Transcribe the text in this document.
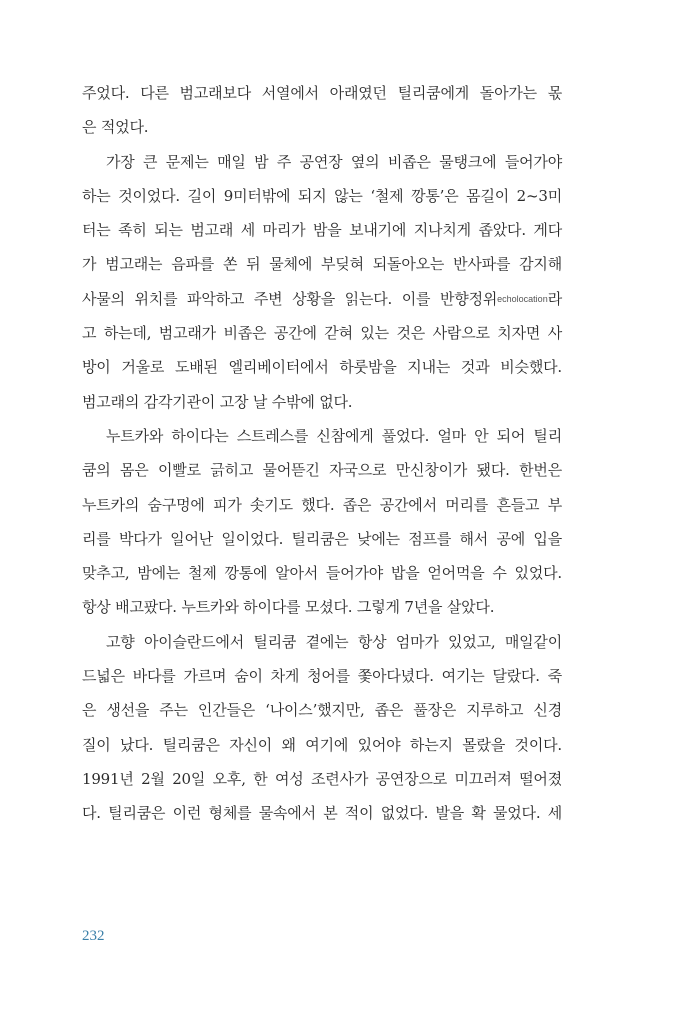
주었다. 다른 범고래보다 서열에서 아래였던 틸리쿰에게 돌아가는 몫
은 적었다.
가장 큰 문제는 매일 밤 주 공연장 옆의 비좁은 물탱크에 들어가야
하는 것이었다. 길이 9미터밖에 되지 않는 ‘철제 깡통’은 몸길이 2~3미
터는 족히 되는 범고래 세 마리가 밤을 보내기에 지나치게 좁았다. 게다
가 범고래는 음파를 쏜 뒤 물체에 부딪혀 되돌아오는 반사파를 감지해
사물의 위치를 파악하고 주변 상황을 읽는다. 이를 반향정위echolocation라
고 하는데, 범고래가 비좁은 공간에 갇혀 있는 것은 사람으로 치자면 사
방이 거울로 도배된 엘리베이터에서 하룻밤을 지내는 것과 비슷했다.
범고래의 감각기관이 고장 날 수밖에 없다.
누트카와 하이다는 스트레스를 신참에게 풀었다. 얼마 안 되어 틸리
쿰의 몸은 이빨로 긁히고 물어뜯긴 자국으로 만신창이가 됐다. 한번은
누트카의 숨구멍에 피가 솟기도 했다. 좁은 공간에서 머리를 흔들고 부
리를 박다가 일어난 일이었다. 틸리쿰은 낮에는 점프를 해서 공에 입을
맞추고, 밤에는 철제 깡통에 알아서 들어가야 밥을 얻어먹을 수 있었다.
항상 배고팠다. 누트카와 하이다를 모셨다. 그렇게 7년을 살았다.
고향 아이슬란드에서 틸리쿰 곁에는 항상 엄마가 있었고, 매일같이
드넓은 바다를 가르며 숨이 차게 청어를 쫓아다녔다. 여기는 달랐다. 죽
은 생선을 주는 인간들은 ‘나이스’했지만, 좁은 풀장은 지루하고 신경
질이 났다. 틸리쿰은 자신이 왜 여기에 있어야 하는지 몰랐을 것이다.
1991년 2월 20일 오후, 한 여성 조련사가 공연장으로 미끄러져 떨어졌
다. 틸리쿰은 이런 형체를 물속에서 본 적이 없었다. 발을 확 물었다. 세
232
